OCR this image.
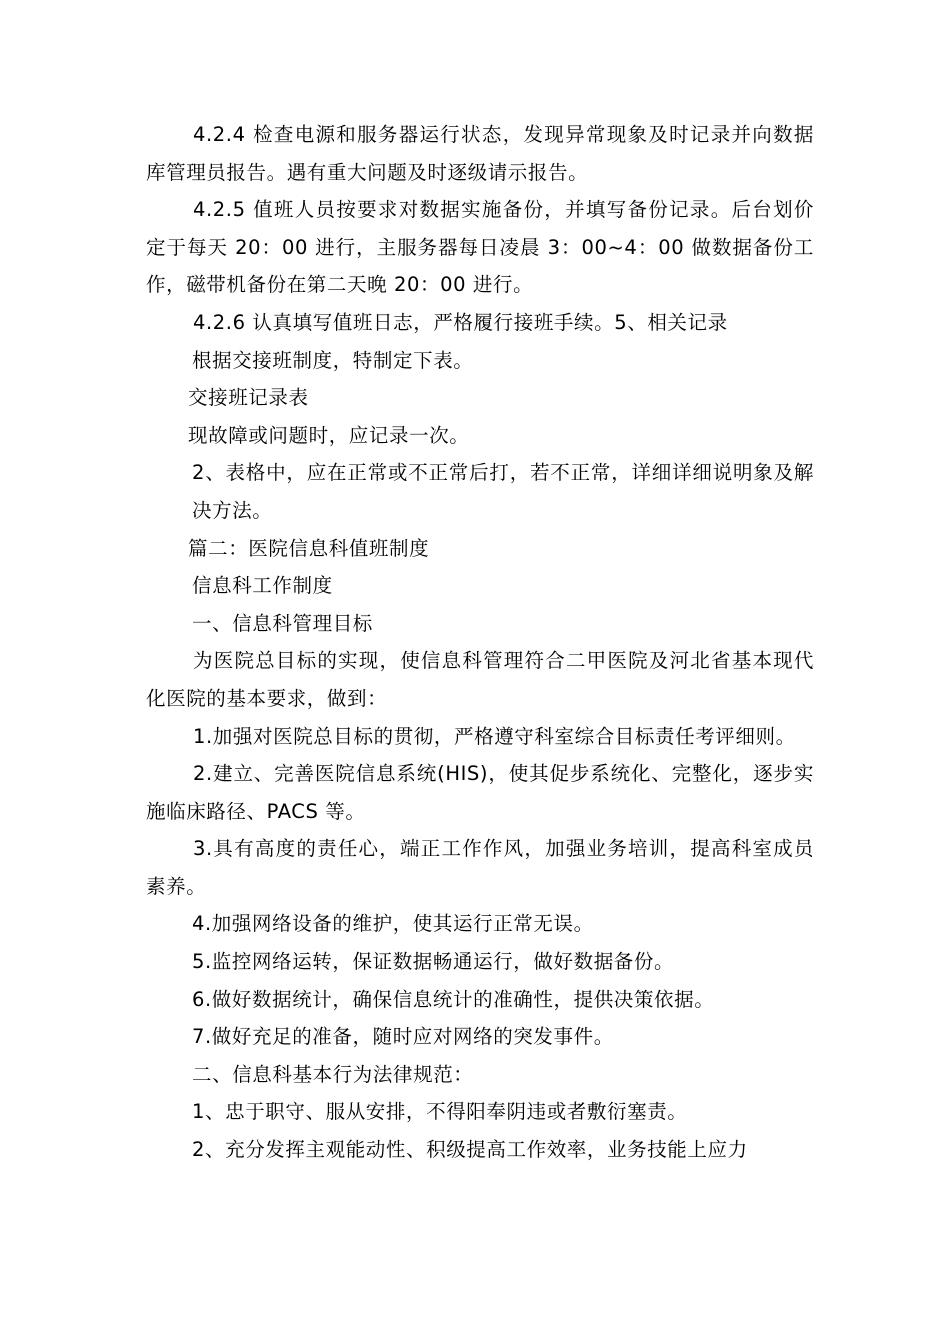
4.2.4 检查电源和服务器运行状态，发现异常现象及时记录并向数据库管理员报告。遇有重大问题及时逐级请示报告。

4.2.5 值班人员按要求对数据实施备份，并填写备份记录。后台划价定于每天 20：00 进行，主服务器每日凌晨 3：00~4：00 做数据备份工作，磁带机备份在第二天晚 20：00 进行。

4.2.6 认真填写值班日志，严格履行接班手续。5、相关记录

根据交接班制度，特制定下表。

交接班记录表

现故障或问题时，应记录一次。

2、表格中，应在正常或不正常后打，若不正常，详细详细说明象及解决方法。

篇二：医院信息科值班制度

信息科工作制度

一、信息科管理目标

为医院总目标的实现，使信息科管理符合二甲医院及河北省基本现代化医院的基本要求，做到：

1.加强对医院总目标的贯彻，严格遵守科室综合目标责任考评细则。

2.建立、完善医院信息系统(HIS)，使其促步系统化、完整化，逐步实施临床路径、PACS 等。

3.具有高度的责任心，端正工作作风，加强业务培训，提高科室成员素养。

4.加强网络设备的维护，使其运行正常无误。

5.监控网络运转，保证数据畅通运行，做好数据备份。

6.做好数据统计，确保信息统计的准确性，提供决策依据。

7.做好充足的准备，随时应对网络的突发事件。

二、信息科基本行为法律规范：

1、忠于职守、服从安排，不得阳奉阴违或者敷衍塞责。

2、充分发挥主观能动性、积级提高工作效率，业务技能上应力
